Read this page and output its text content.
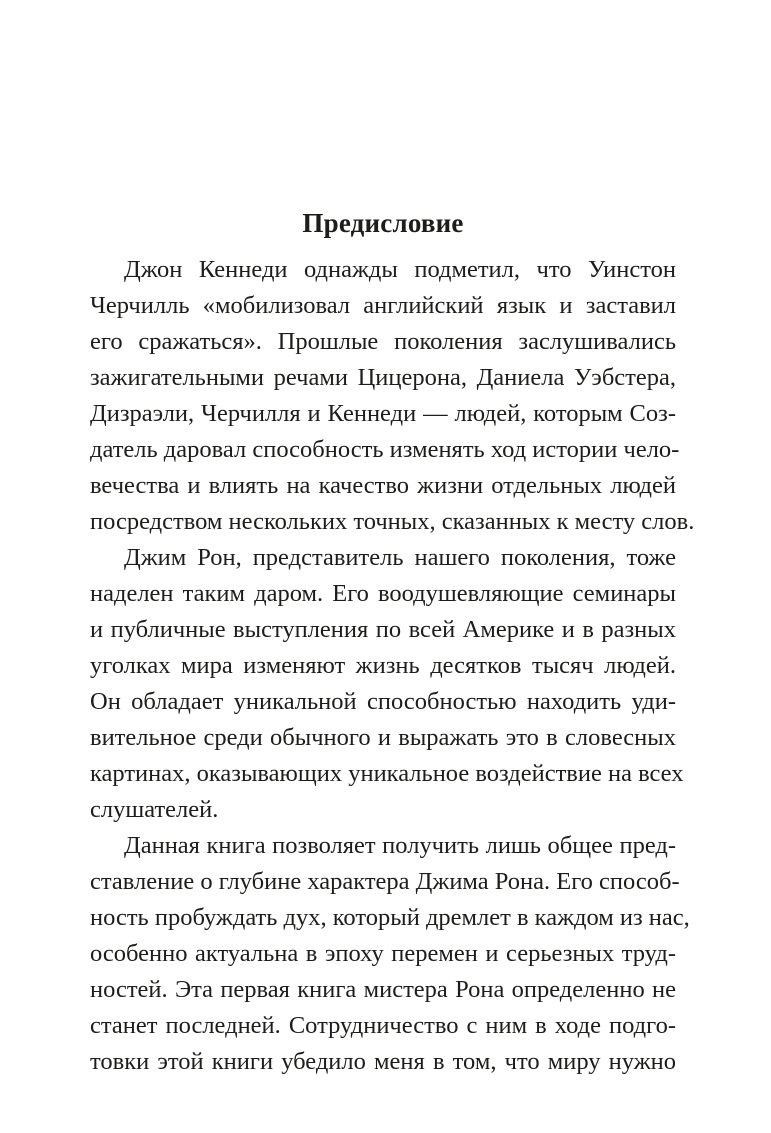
Предисловие
Джон Кеннеди однажды подметил, что Уинстон
Черчилль «мобилизовал английский язык и заставил
его сражаться». Прошлые поколения заслушивались
зажигательными речами Цицерона, Даниела Уэбстера,
Дизраэли, Черчилля и Кеннеди — людей, которым Соз-
датель даровал способность изменять ход истории чело-
вечества и влиять на качество жизни отдельных людей
посредством нескольких точных, сказанных к месту слов.
Джим Рон, представитель нашего поколения, тоже
наделен таким даром. Его воодушевляющие семинары
и публичные выступления по всей Америке и в разных
уголках мира изменяют жизнь десятков тысяч людей.
Он обладает уникальной способностью находить уди-
вительное среди обычного и выражать это в словесных
картинах, оказывающих уникальное воздействие на всех
слушателей.
Данная книга позволяет получить лишь общее пред-
ставление о глубине характера Джима Рона. Его способ-
ность пробуждать дух, который дремлет в каждом из нас,
особенно актуальна в эпоху перемен и серьезных труд-
ностей. Эта первая книга мистера Рона определенно не
станет последней. Сотрудничество с ним в ходе подго-
товки этой книги убедило меня в том, что миру нужно
